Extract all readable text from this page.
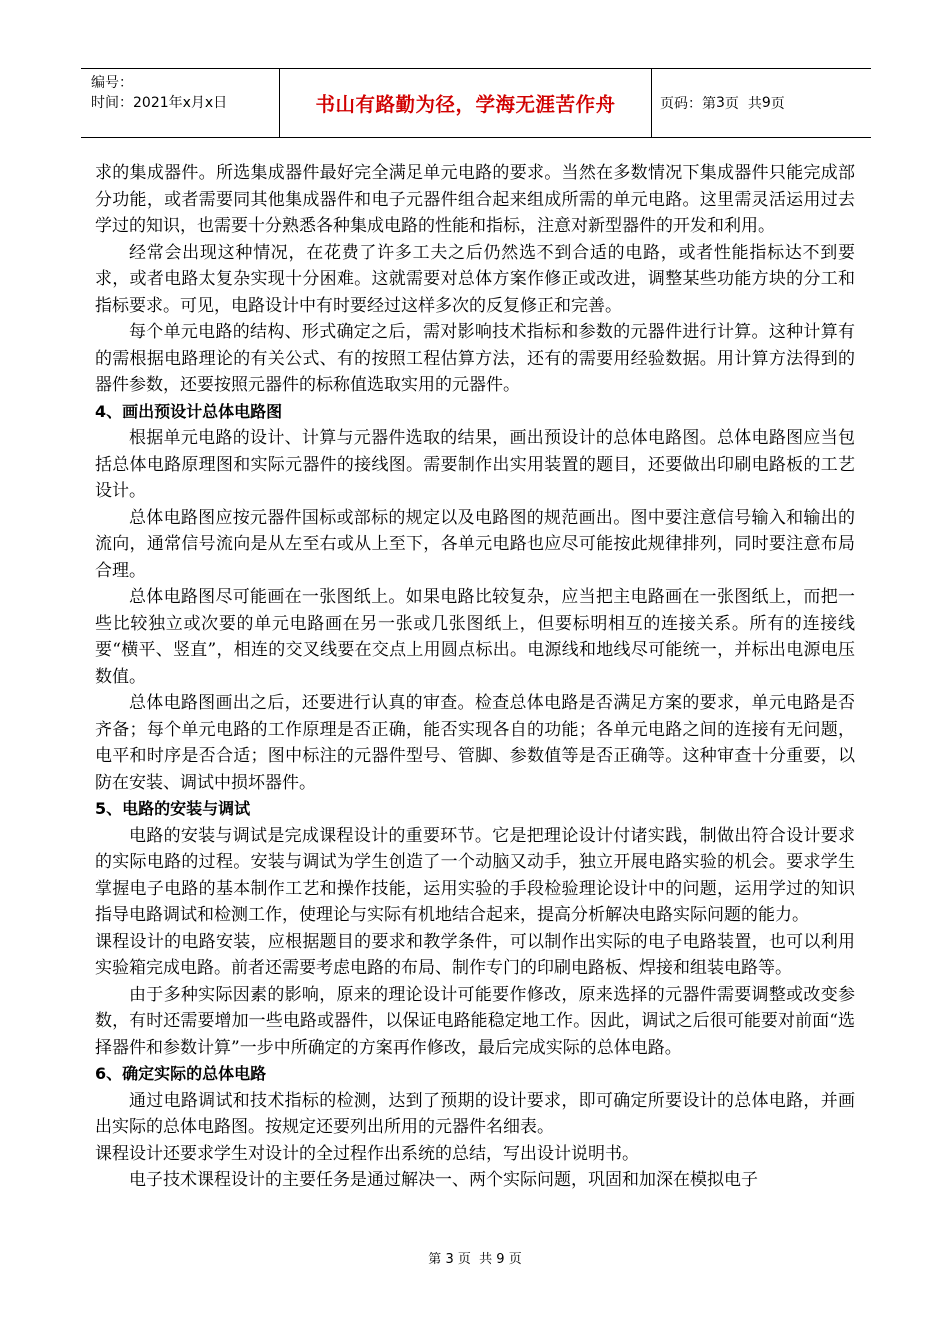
编号：
时间：2021年x月x日	书山有路勤为径，学海无涯苦作舟	页码：第 3 页  共 9 页

求的集成器件。所选集成器件最好完全满足单元电路的要求。当然在多数情况下集成器件只能完成部分功能，或者需要同其他集成器件和电子元器件组合起来组成所需的单元电路。这里需灵活运用过去学过的知识，也需要十分熟悉各种集成电路的性能和指标，注意对新型器件的开发和利用。

经常会出现这种情况，在花费了许多工夫之后仍然选不到合适的电路，或者性能指标达不到要求，或者电路太复杂实现十分困难。这就需要对总体方案作修正或改进，调整某些功能方块的分工和指标要求。可见，电路设计中有时要经过这样多次的反复修正和完善。

每个单元电路的结构、形式确定之后，需对影响技术指标和参数的元器件进行计算。这种计算有的需根据电路理论的有关公式、有的按照工程估算方法，还有的需要用经验数据。用计算方法得到的器件参数，还要按照元器件的标称值选取实用的元器件。

4、画出预设计总体电路图

根据单元电路的设计、计算与元器件选取的结果，画出预设计的总体电路图。总体电路图应当包括总体电路原理图和实际元器件的接线图。需要制作出实用装置的题目，还要做出印刷电路板的工艺设计。

总体电路图应按元器件国标或部标的规定以及电路图的规范画出。图中要注意信号输入和输出的流向，通常信号流向是从左至右或从上至下，各单元电路也应尽可能按此规律排列，同时要注意布局合理。

总体电路图尽可能画在一张图纸上。如果电路比较复杂，应当把主电路画在一张图纸上，而把一些比较独立或次要的单元电路画在另一张或几张图纸上，但要标明相互的连接关系。所有的连接线要“横平、竖直”，相连的交叉线要在交点上用圆点标出。电源线和地线尽可能统一，并标出电源电压数值。

总体电路图画出之后，还要进行认真的审查。检查总体电路是否满足方案的要求，单元电路是否齐备；每个单元电路的工作原理是否正确，能否实现各自的功能；各单元电路之间的连接有无问题，电平和时序是否合适；图中标注的元器件型号、管脚、参数值等是否正确等。这种审查十分重要，以防在安装、调试中损坏器件。

5、电路的安装与调试

电路的安装与调试是完成课程设计的重要环节。它是把理论设计付诸实践，制做出符合设计要求的实际电路的过程。安装与调试为学生创造了一个动脑又动手，独立开展电路实验的机会。要求学生掌握电子电路的基本制作工艺和操作技能，运用实验的手段检验理论设计中的问题，运用学过的知识指导电路调试和检测工作，使理论与实际有机地结合起来，提高分析解决电路实际问题的能力。

课程设计的电路安装，应根据题目的要求和教学条件，可以制作出实际的电子电路装置，也可以利用实验箱完成电路。前者还需要考虑电路的布局、制作专门的印刷电路板、焊接和组装电路等。

由于多种实际因素的影响，原来的理论设计可能要作修改，原来选择的元器件需要调整或改变参数，有时还需要增加一些电路或器件，以保证电路能稳定地工作。因此，调试之后很可能要对前面“选择器件和参数计算”一步中所确定的方案再作修改，最后完成实际的总体电路。

6、确定实际的总体电路

通过电路调试和技术指标的检测，达到了预期的设计要求，即可确定所要设计的总体电路，并画出实际的总体电路图。按规定还要列出所用的元器件名细表。

课程设计还要求学生对设计的全过程作出系统的总结，写出设计说明书。

电子技术课程设计的主要任务是通过解决一、两个实际问题，巩固和加深在模拟电子

第 3 页  共 9 页
